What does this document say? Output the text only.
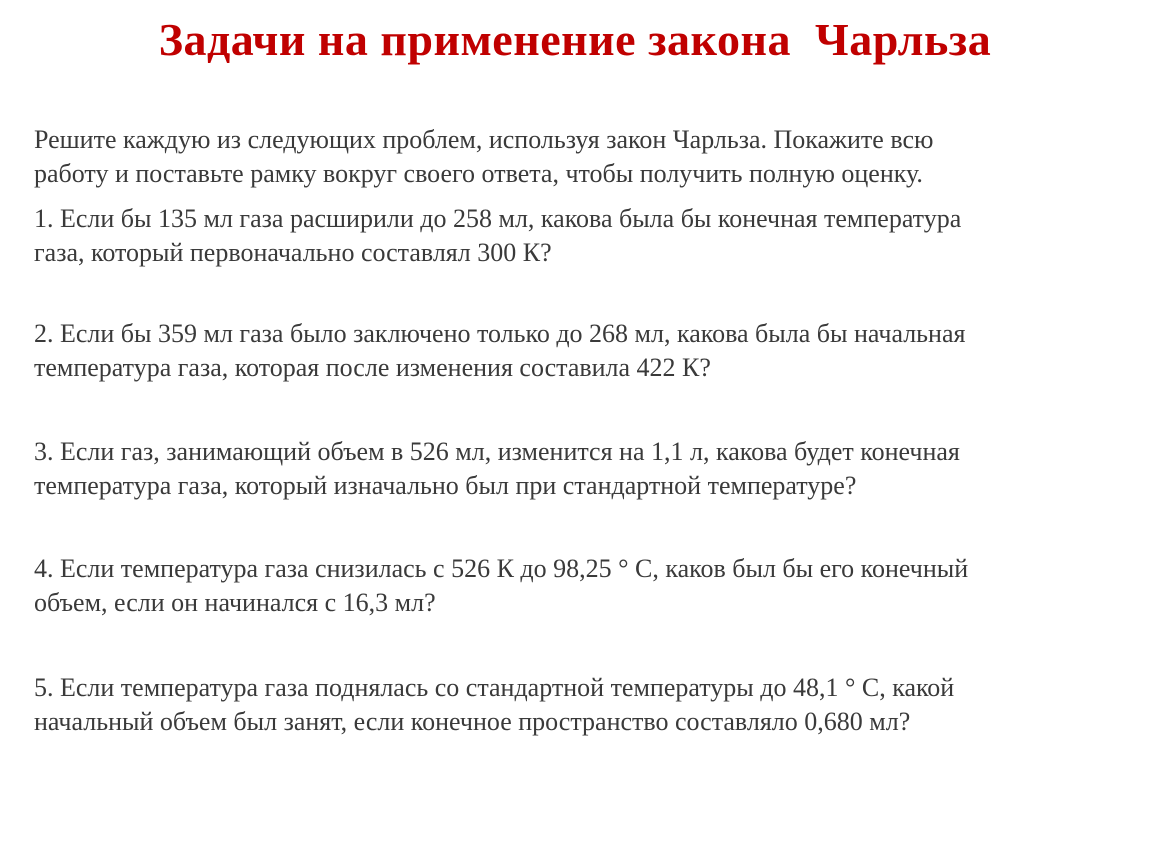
Задачи на применение закона  Чарльза
Решите каждую из следующих проблем, используя закон Чарльза. Покажите всю
работу и поставьте рамку вокруг своего ответа, чтобы получить полную оценку.
1. Если бы 135 мл газа расширили до 258 мл, какова была бы конечная температура
газа, который первоначально составлял 300 К?
2. Если бы 359 мл газа было заключено только до 268 мл, какова была бы начальная
температура газа, которая после изменения составила 422 К?
3. Если газ, занимающий объем в 526 мл, изменится на 1,1 л, какова будет конечная
температура газа, который изначально был при стандартной температуре?
4. Если температура газа снизилась с 526 К до 98,25 ° С, каков был бы его конечный
объем, если он начинался с 16,3 мл?
5. Если температура газа поднялась со стандартной температуры до 48,1 ° С, какой
начальный объем был занят, если конечное пространство составляло 0,680 мл?
